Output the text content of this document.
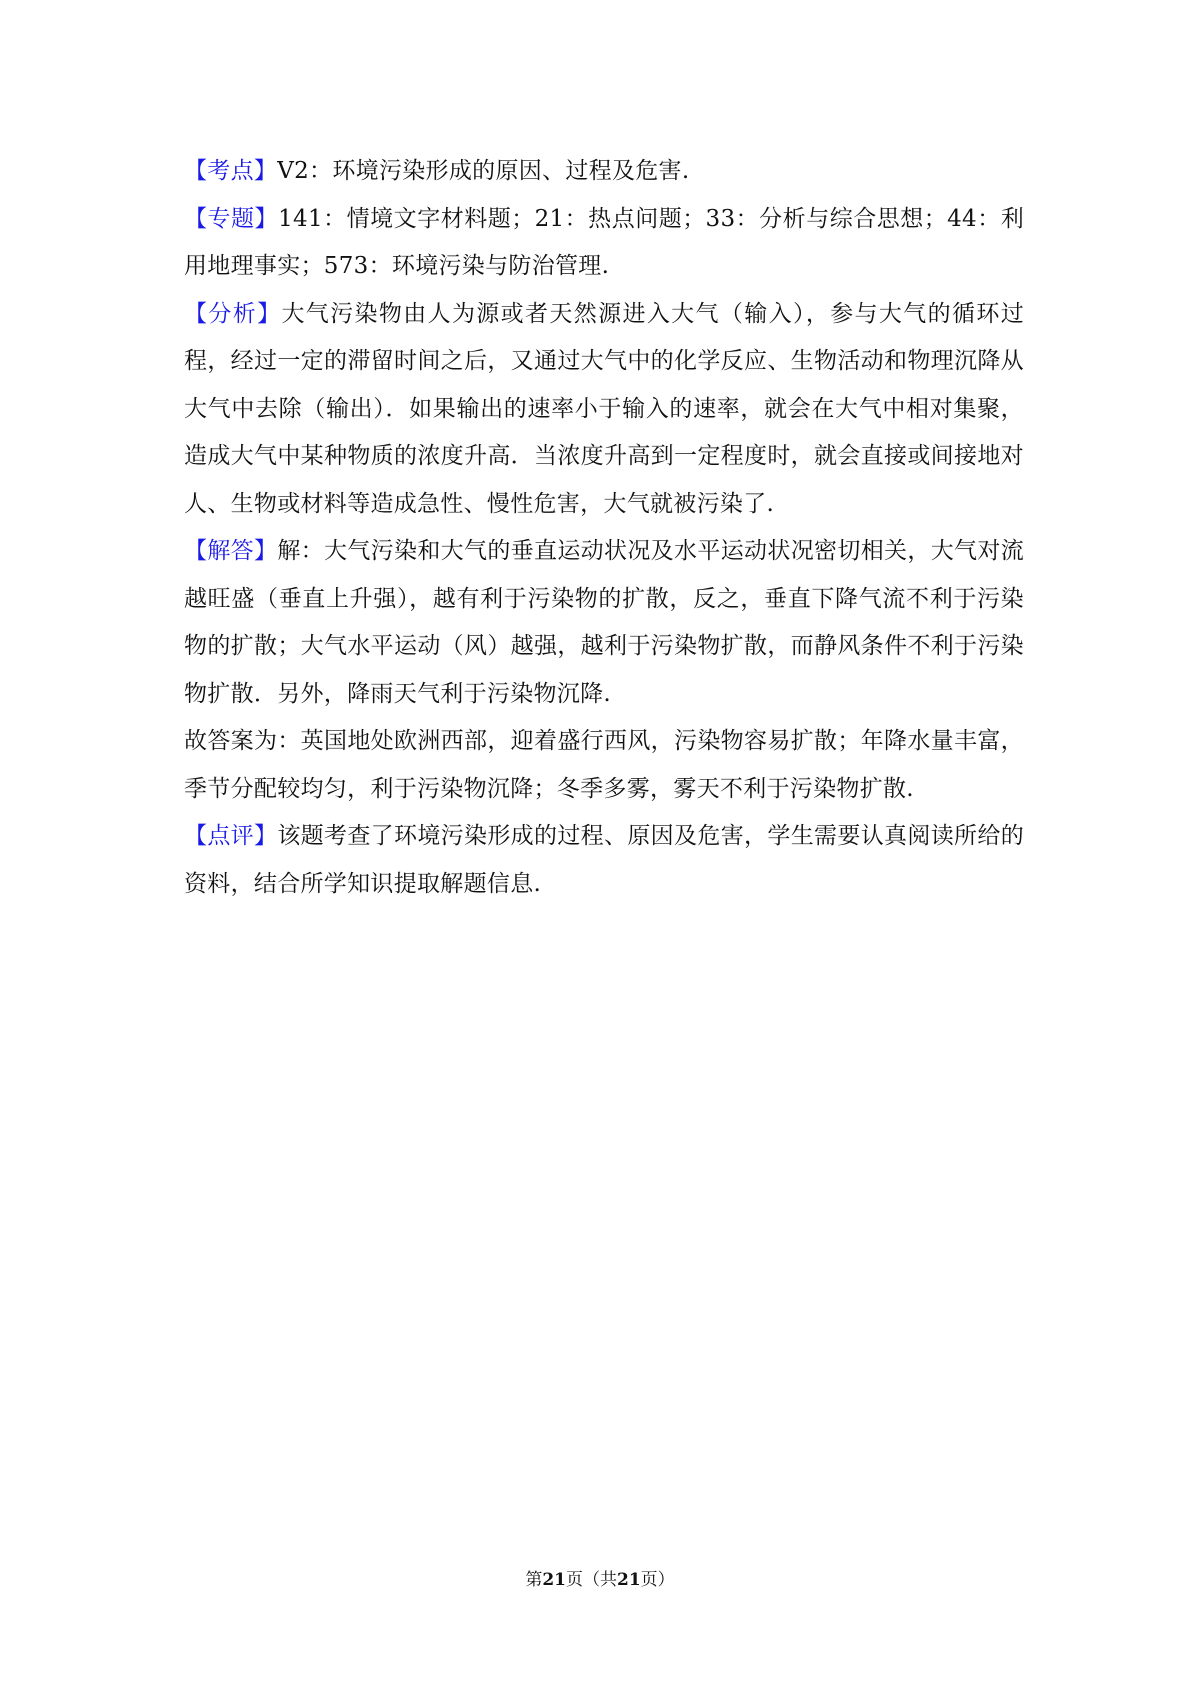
【考点】V2：环境污染形成的原因、过程及危害.

【专题】141：情境文字材料题；21：热点问题；33：分析与综合思想；44：利用地理事实；573：环境污染与防治管理.

【分析】大气污染物由人为源或者天然源进入大气（输入），参与大气的循环过程，经过一定的滞留时间之后，又通过大气中的化学反应、生物活动和物理沉降从大气中去除（输出）．如果输出的速率小于输入的速率，就会在大气中相对集聚，造成大气中某种物质的浓度升高．当浓度升高到一定程度时，就会直接或间接地对人、生物或材料等造成急性、慢性危害，大气就被污染了.

【解答】解：大气污染和大气的垂直运动状况及水平运动状况密切相关，大气对流越旺盛（垂直上升强），越有利于污染物的扩散，反之，垂直下降气流不利于污染物的扩散；大气水平运动（风）越强，越利于污染物扩散，而静风条件不利于污染物扩散．另外，降雨天气利于污染物沉降.

故答案为：英国地处欧洲西部，迎着盛行西风，污染物容易扩散；年降水量丰富，季节分配较均匀，利于污染物沉降；冬季多雾，雾天不利于污染物扩散.

【点评】该题考查了环境污染形成的过程、原因及危害，学生需要认真阅读所给的资料，结合所学知识提取解题信息.

第21页（共21页）
